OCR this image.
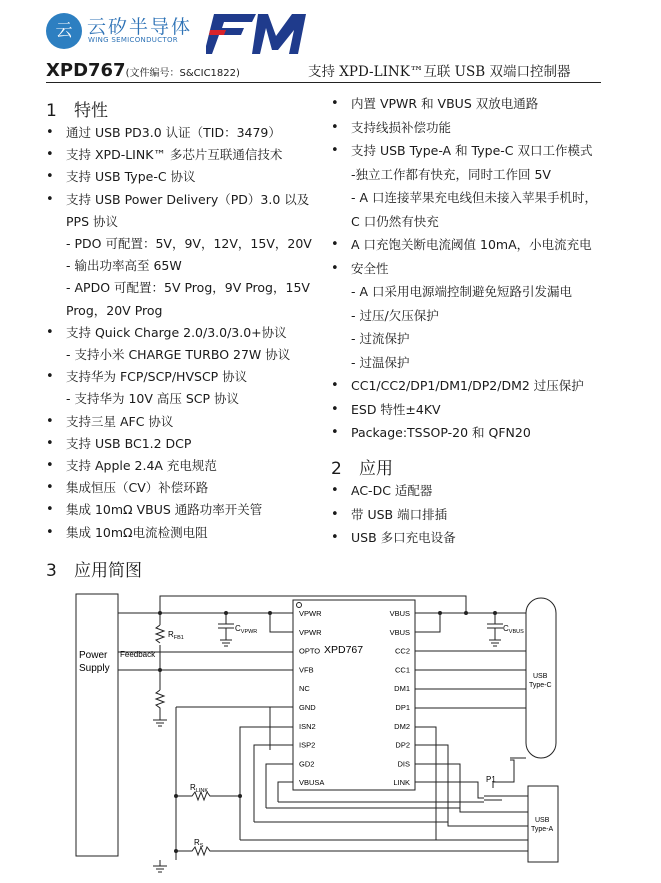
云 云矽半导体
WING SEMICONDUCTOR
XPD767(文件编号：S&CIC1822)	支持 XPD-LINK™互联 USB 双端口控制器
1 特性
• 通过 USB PD3.0 认证（TID：3479）
• 支持 XPD-LINK™ 多芯片互联通信技术
• 支持 USB Type-C 协议
• 支持 USB Power Delivery（PD）3.0 以及
PPS 协议
- PDO 可配置：5V，9V，12V，15V，20V
- 输出功率高至 65W
- APDO 可配置：5V Prog，9V Prog，15V
Prog，20V Prog
• 支持 Quick Charge 2.0/3.0/3.0+协议
- 支持小米 CHARGE TURBO 27W 协议
• 支持华为 FCP/SCP/HVSCP 协议
- 支持华为 10V 高压 SCP 协议
• 支持三星 AFC 协议
• 支持 USB BC1.2 DCP
• 支持 Apple 2.4A 充电规范
• 集成恒压（CV）补偿环路
• 集成 10mΩ VBUS 通路功率开关管
• 集成 10mΩ电流检测电阻
• 内置 VPWR 和 VBUS 双放电通路
• 支持线损补偿功能
• 支持 USB Type-A 和 Type-C 双口工作模式
-独立工作都有快充，同时工作回 5V
- A 口连接苹果充电线但未接入苹果手机时，
C 口仍然有快充
• A 口充饱关断电流阈值 10mA，小电流充电
• 安全性
- A 口采用电源端控制避免短路引发漏电
- 过压/欠压保护
- 过流保护
- 过温保护
• CC1/CC2/DP1/DM1/DP2/DM2 过压保护
• ESD 特性±4KV
• Package:TSSOP-20 和 QFN20
2 应用
• AC-DC 适配器
• 带 USB 端口排插
• USB 多口充电设备
3 应用简图
XPD767
VPWR
VPWR
OPTO
VFB
NC
GND
ISN2
ISP2
GD2
VBUSA
VBUS
VBUS
CC2
CC1
DM1
DP1
DM2
DP2
DIS
LINK
Power
Supply
Feedback
$R_{FB1}$
$C_{VPWR}$	$C_{VBUS}$
$R_{LINK}$
$R_S$
P1
USB
Type-C
USB
Type-A
